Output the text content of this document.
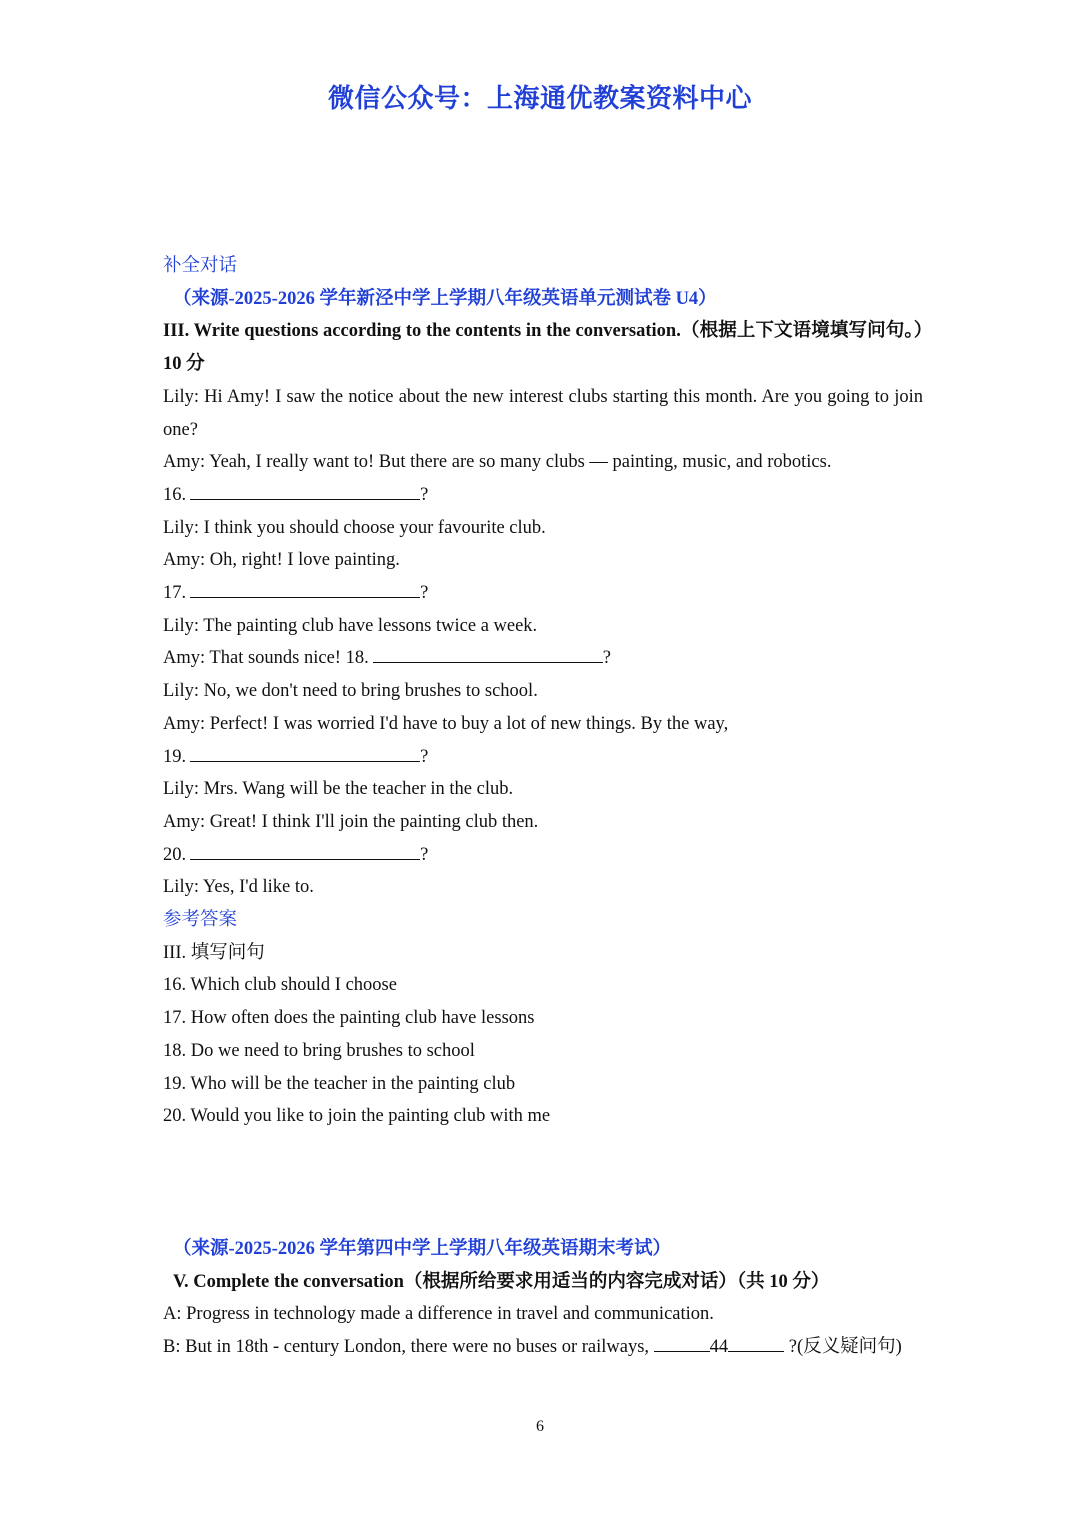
微信公众号：上海通优教案资料中心
补全对话
（来源-2025-2026 学年新泾中学上学期八年级英语单元测试卷 U4）
III. Write questions according to the contents in the conversation.（根据上下文语境填写问句。）10 分
Lily: Hi Amy! I saw the notice about the new interest clubs starting this month. Are you going to join one?
Amy: Yeah, I really want to! But there are so many clubs — painting, music, and robotics.
16.	?
Lily: I think you should choose your favourite club.
Amy: Oh, right! I love painting.
17.	?
Lily: The painting club have lessons twice a week.
Amy: That sounds nice! 18.	?
Lily: No, we don't need to bring brushes to school.
Amy: Perfect! I was worried I'd have to buy a lot of new things. By the way,
19.	?
Lily: Mrs. Wang will be the teacher in the club.
Amy: Great! I think I'll join the painting club then.
20.	?
Lily: Yes, I'd like to.
参考答案
III. 填写问句
16. Which club should I choose
17. How often does the painting club have lessons
18. Do we need to bring brushes to school
19. Who will be the teacher in the painting club
20. Would you like to join the painting club with me
（来源-2025-2026 学年第四中学上学期八年级英语期末考试）
V. Complete the conversation（根据所给要求用适当的内容完成对话）（共 10 分）
A: Progress in technology made a difference in travel and communication.
B: But in 18th - century London, there were no buses or railways,	44	?(反义疑问句)
6
